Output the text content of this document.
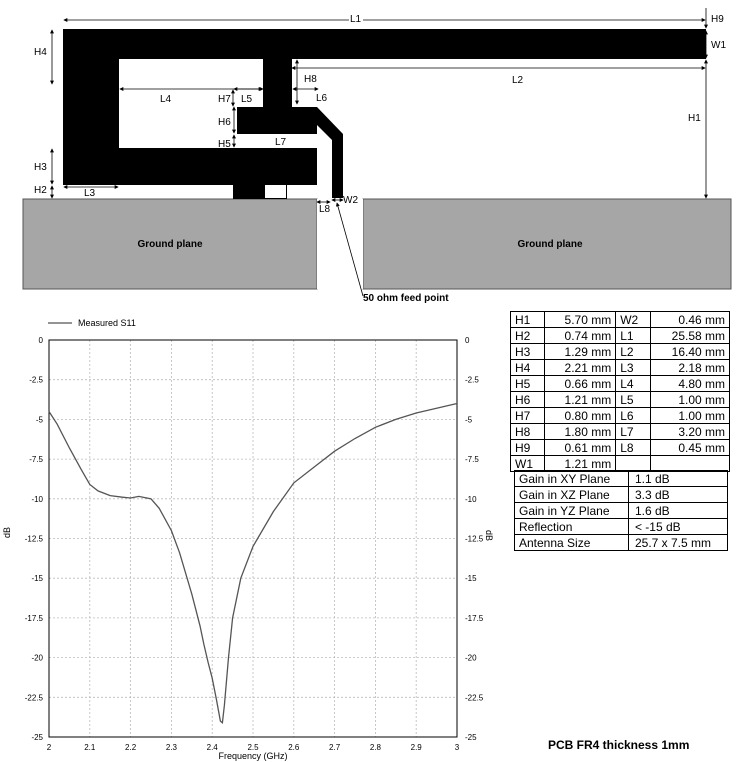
Ground plane	Ground plane
L1	H9
W1
H4
H8	L2
L4	H7 L5	L6
H1
H6
H5	L7
H3
H2	L3
W2
L8
50 ohm feed point
2	2.1	2.2	2.3	2.4	2.5	2.6	2.7	2.8	2.9	3
0	0
-2.5	-2.5
-5	-5
-7.5	-7.5
-10	-10
-12.5	-12.5
-15	-15
-17.5	-17.5
-20	-20
-22.5	-22.5
-25	-25
Measured S11
Frequency (GHz)
dB	dB
H1	5.70 mm	W2	0.46 mm
H2	0.74 mm	L1	25.58 mm
H3	1.29 mm	L2	16.40 mm
H4	2.21 mm	L3	2.18 mm
H5	0.66 mm	L4	4.80 mm
H6	1.21 mm	L5	1.00 mm
H7	0.80 mm	L6	1.00 mm
H8	1.80 mm	L7	3.20 mm
H9	0.61 mm	L8	0.45 mm
W1	1.21 mm		
Gain in XY Plane	1.1 dB
Gain in XZ Plane	3.3 dB
Gain in YZ Plane	1.6 dB
Reflection	< -15 dB
Antenna Size	25.7 x 7.5 mm
PCB FR4 thickness 1mm
